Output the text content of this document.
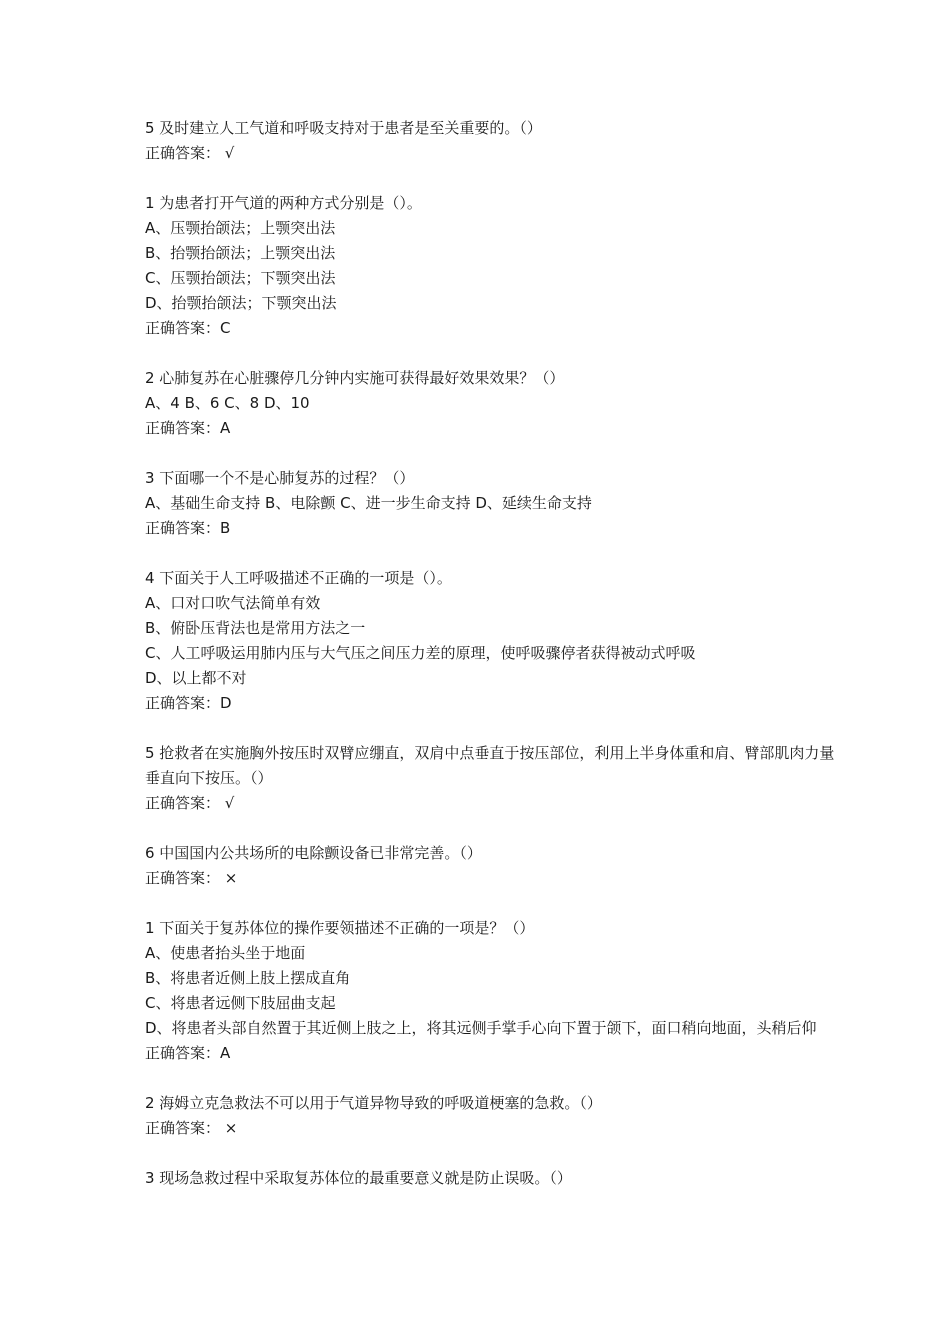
5 及时建立人工气道和呼吸支持对于患者是至关重要的。（）
正确答案： √
1 为患者打开气道的两种方式分别是（）。
A、压颚抬颌法；上颚突出法
B、抬颚抬颌法；上颚突出法
C、压颚抬颌法；下颚突出法
D、抬颚抬颌法；下颚突出法
正确答案：C
2 心肺复苏在心脏骤停几分钟内实施可获得最好效果效果？（）
A、4 B、6 C、8 D、10
正确答案：A
3 下面哪一个不是心肺复苏的过程？（）
A、基础生命支持 B、电除颤 C、进一步生命支持 D、延续生命支持
正确答案：B
4 下面关于人工呼吸描述不正确的一项是（）。
A、口对口吹气法简单有效
B、俯卧压背法也是常用方法之一
C、人工呼吸运用肺内压与大气压之间压力差的原理，使呼吸骤停者获得被动式呼吸
D、以上都不对
正确答案：D
5 抢救者在实施胸外按压时双臂应绷直，双肩中点垂直于按压部位，利用上半身体重和肩、臂部肌肉力量垂直向下按压。（）
正确答案： √
6 中国国内公共场所的电除颤设备已非常完善。（）
正确答案： ×
1 下面关于复苏体位的操作要领描述不正确的一项是？（）
A、使患者抬头坐于地面
B、将患者近侧上肢上摆成直角
C、将患者远侧下肢屈曲支起
D、将患者头部自然置于其近侧上肢之上，将其远侧手掌手心向下置于颌下，面口稍向地面，头稍后仰
正确答案：A
2 海姆立克急救法不可以用于气道异物导致的呼吸道梗塞的急救。（）
正确答案： ×
3 现场急救过程中采取复苏体位的最重要意义就是防止误吸。（）
